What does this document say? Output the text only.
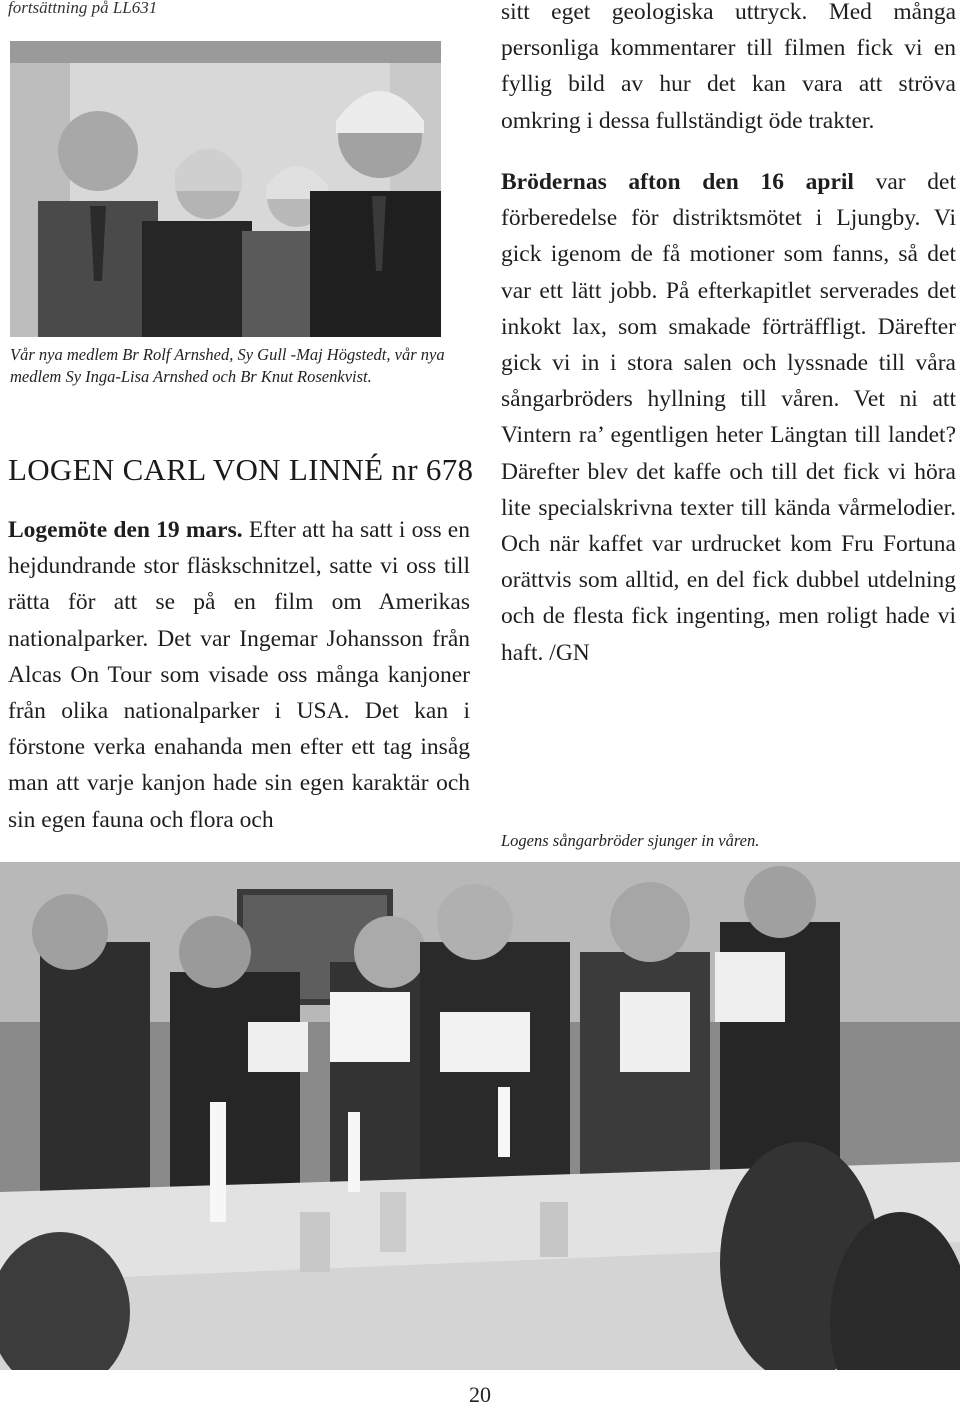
fortsättning på LL631
Vår nya medlem Br Rolf Arnshed, Sy Gull -Maj Högstedt, vår nya medlem Sy Inga-Lisa Arnshed och Br Knut Rosenkvist.
LOGEN CARL VON LINNÉ nr 678
Logemöte den 19 mars. Efter att ha satt i oss en hejdundrande stor fläskschnitzel, satte vi oss till rätta för att se på en film om Amerikas nationalparker. Det var Ingemar Johansson från Alcas On Tour som visade oss många kanjoner från olika nationalparker i USA. Det kan i förstone verka enahanda men efter ett tag insåg man att varje kanjon hade sin egen karaktär och sin egen fauna och flora och
sitt eget geologiska uttryck. Med många personliga kommentarer till filmen fick vi en fyllig bild av hur det kan vara att ströva omkring i dessa fullständigt öde trakter.
Brödernas afton den 16 april var det förberedelse för distriktsmötet i Ljungby. Vi gick igenom de få motioner som fanns, så det var ett lätt jobb. På efterkapitlet serverades det inkokt lax, som smakade förträffligt. Därefter gick vi in i stora salen och lyssnade till våra sångarbröders hyllning till våren. Vet ni att Vintern ra’ egentligen heter Längtan till landet? Därefter blev det kaffe och till det fick vi höra lite specialskrivna texter till kända vårmelodier. Och när kaffet var urdrucket kom Fru Fortuna orättvis som alltid, en del fick dubbel utdelning och de flesta fick ingenting, men roligt hade vi haft. /GN
Logens sångarbröder sjunger in våren.
20
